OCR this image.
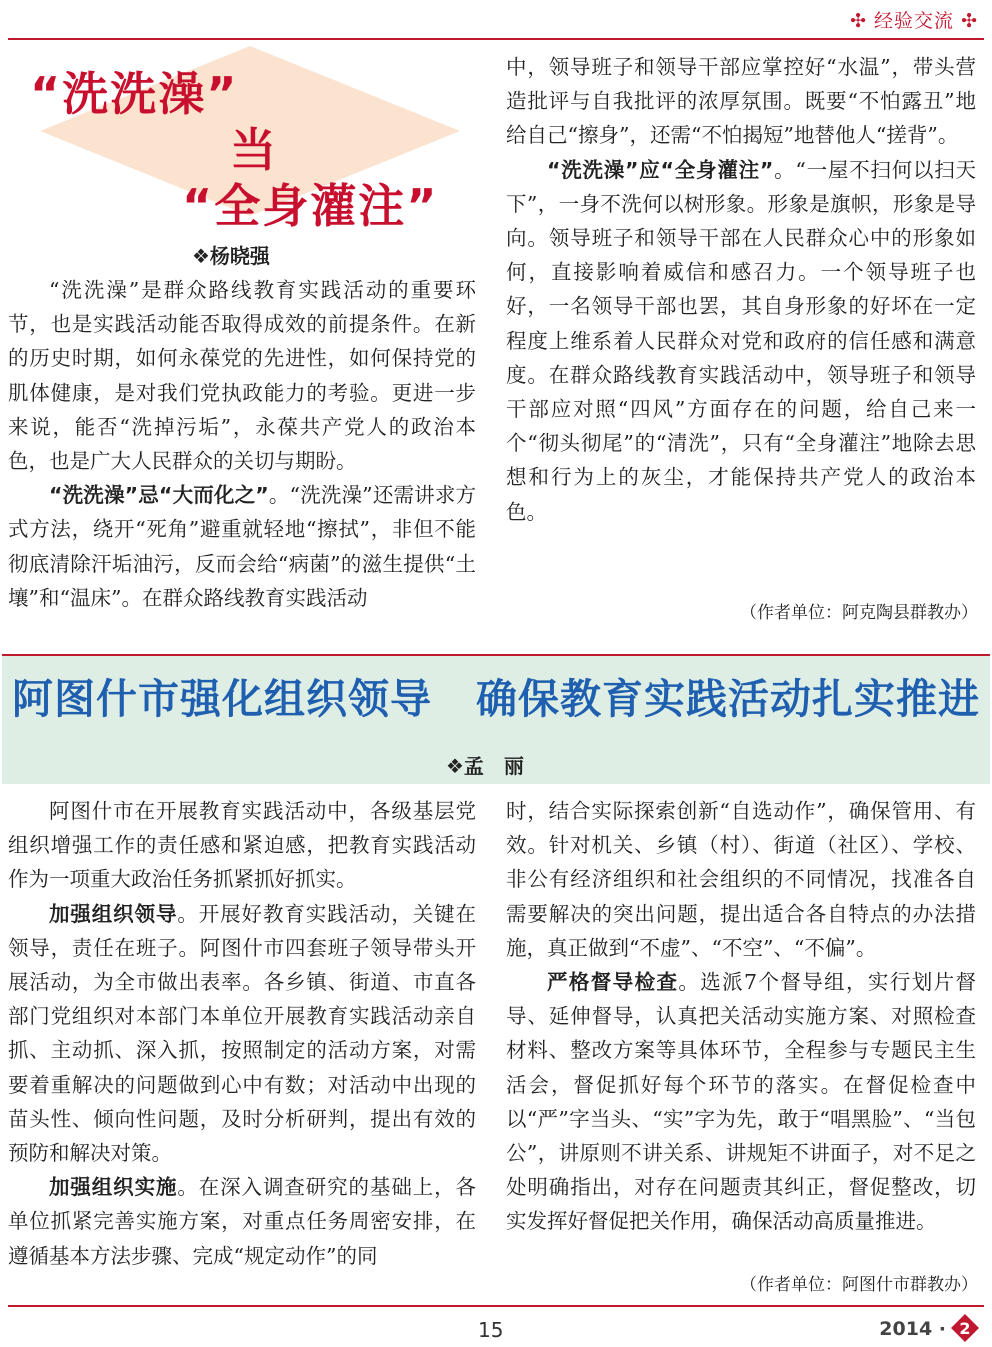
✣ 经验交流 ✣
“洗洗澡”
当
“全身灌注”
❖杨晓强

“洗洗澡”是群众路线教育实践活动的重要环节，也是实践活动能否取得成效的前提条件。在新的历史时期，如何永葆党的先进性，如何保持党的肌体健康，是对我们党执政能力的考验。更进一步来说，能否“洗掉污垢”，永葆共产党人的政治本色，也是广大人民群众的关切与期盼。

“洗洗澡”忌“大而化之”。“洗洗澡”还需讲求方式方法，绕开“死角”避重就轻地“擦拭”，非但不能彻底清除汗垢油污，反而会给“病菌”的滋生提供“土壤”和“温床”。在群众路线教育实践活动

中，领导班子和领导干部应掌控好“水温”，带头营造批评与自我批评的浓厚氛围。既要“不怕露丑”地给自己“擦身”，还需“不怕揭短”地替他人“搓背”。

“洗洗澡”应“全身灌注”。“一屋不扫何以扫天下”，一身不洗何以树形象。形象是旗帜，形象是导向。领导班子和领导干部在人民群众心中的形象如何，直接影响着威信和感召力。一个领导班子也好，一名领导干部也罢，其自身形象的好坏在一定程度上维系着人民群众对党和政府的信任感和满意度。在群众路线教育实践活动中，领导班子和领导干部应对照“四风”方面存在的问题，给自己来一个“彻头彻尾”的“清洗”，只有“全身灌注”地除去思想和行为上的灰尘，才能保持共产党人的政治本色。

（作者单位：阿克陶县群教办）
阿图什市强化组织领导 确保教育实践活动扎实推进
❖孟　丽

阿图什市在开展教育实践活动中，各级基层党组织增强工作的责任感和紧迫感，把教育实践活动作为一项重大政治任务抓紧抓好抓实。

加强组织领导。开展好教育实践活动，关键在领导，责任在班子。阿图什市四套班子领导带头开展活动，为全市做出表率。各乡镇、街道、市直各部门党组织对本部门本单位开展教育实践活动亲自抓、主动抓、深入抓，按照制定的活动方案，对需要着重解决的问题做到心中有数；对活动中出现的苗头性、倾向性问题，及时分析研判，提出有效的预防和解决对策。

加强组织实施。在深入调查研究的基础上，各单位抓紧完善实施方案，对重点任务周密安排，在遵循基本方法步骤、完成“规定动作”的同

时，结合实际探索创新“自选动作”，确保管用、有效。针对机关、乡镇（村）、街道（社区）、学校、非公有经济组织和社会组织的不同情况，找准各自需要解决的突出问题，提出适合各自特点的办法措施，真正做到“不虚”、“不空”、“不偏”。

严格督导检查。选派7个督导组，实行划片督导、延伸督导，认真把关活动实施方案、对照检查材料、整改方案等具体环节，全程参与专题民主生活会，督促抓好每个环节的落实。在督促检查中以“严”字当头、“实”字为先，敢于“唱黑脸”、“当包公”，讲原则不讲关系、讲规矩不讲面子，对不足之处明确指出，对存在问题责其纠正，督促整改，切实发挥好督促把关作用，确保活动高质量推进。

（作者单位：阿图什市群教办）
15	2014 · 2
